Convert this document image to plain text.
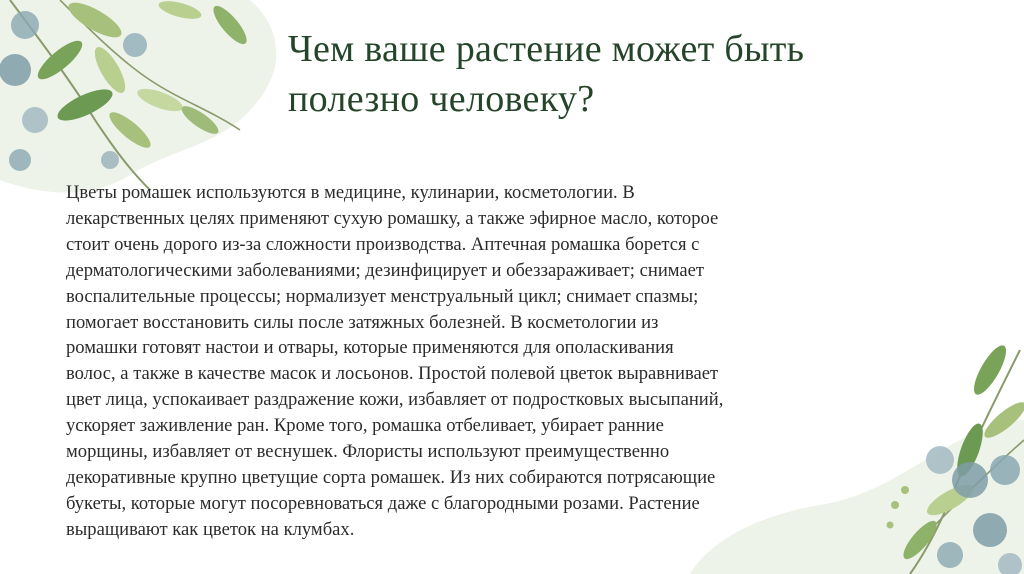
Чем ваше растение может быть
полезно человеку?
Цветы ромашек используются в медицине, кулинарии, косметологии. В
лекарственных целях применяют сухую ромашку, а также эфирное масло, которое
стоит очень дорого из‑за сложности производства. Аптечная ромашка борется с
дерматологическими заболеваниями; дезинфицирует и обеззараживает; снимает
воспалительные процессы; нормализует менструальный цикл; снимает спазмы;
помогает восстановить силы после затяжных болезней. В косметологии из
ромашки готовят настои и отвары, которые применяются для ополаскивания
волос, а также в качестве масок и лосьонов. Простой полевой цветок выравнивает
цвет лица, успокаивает раздражение кожи, избавляет от подростковых высыпаний,
ускоряет заживление ран. Кроме того, ромашка отбеливает, убирает ранние
морщины, избавляет от веснушек. Флористы используют преимущественно
декоративные крупно цветущие сорта ромашек. Из них собираются потрясающие
букеты, которые могут посоревноваться даже с благородными розами. Растение
выращивают как цветок на клумбах.
